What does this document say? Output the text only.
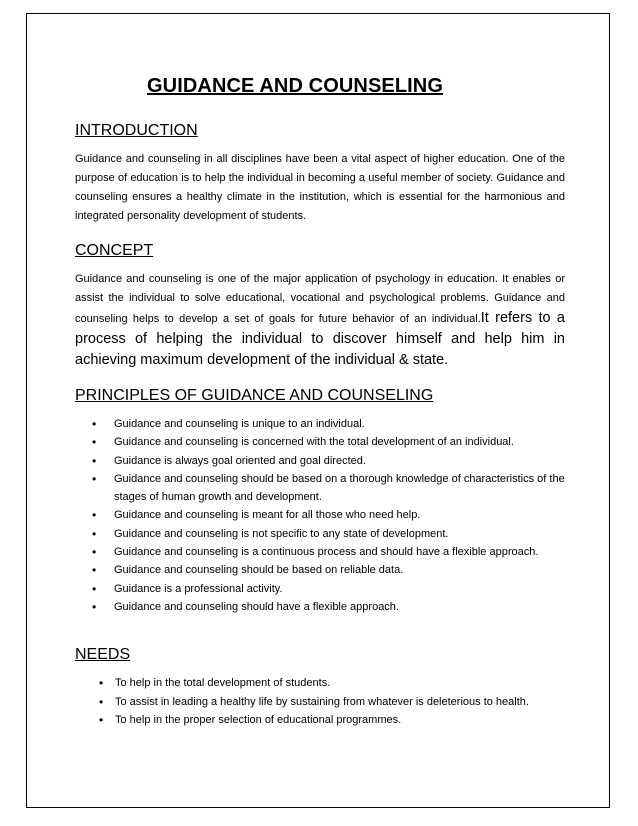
GUIDANCE AND COUNSELING
INTRODUCTION

Guidance and counseling in all disciplines have been a vital aspect of higher education. One of the purpose of education is to help the individual in becoming a useful member of society. Guidance and counseling ensures a healthy climate in the institution, which is essential for the harmonious and integrated personality development of students.

CONCEPT

Guidance and counseling is one of the major application of psychology in education. It enables or assist the individual to solve educational, vocational and psychological problems. Guidance and counseling helps to develop a set of goals for future behavior of an individual.It refers to a process of helping the individual to discover himself and help him in achieving maximum development of the individual & state.

PRINCIPLES OF GUIDANCE AND COUNSELING
• Guidance and counseling is unique to an individual.
• Guidance and counseling is concerned with the total development of an individual.
• Guidance is always goal oriented and goal directed.
• Guidance and counseling should be based on a thorough knowledge of characteristics of the stages of human growth and development.
• Guidance and counseling is meant for all those who need help.
• Guidance and counseling is not specific to any state of development.
• Guidance and counseling is a continuous process and should have a flexible approach.
• Guidance and counseling should be based on reliable data.
• Guidance is a professional activity.
• Guidance and counseling should have a flexible approach.
NEEDS
• To help in the total development of students.
• To assist in leading a healthy life by sustaining from whatever is deleterious to health.
• To help in the proper selection of educational programmes.
